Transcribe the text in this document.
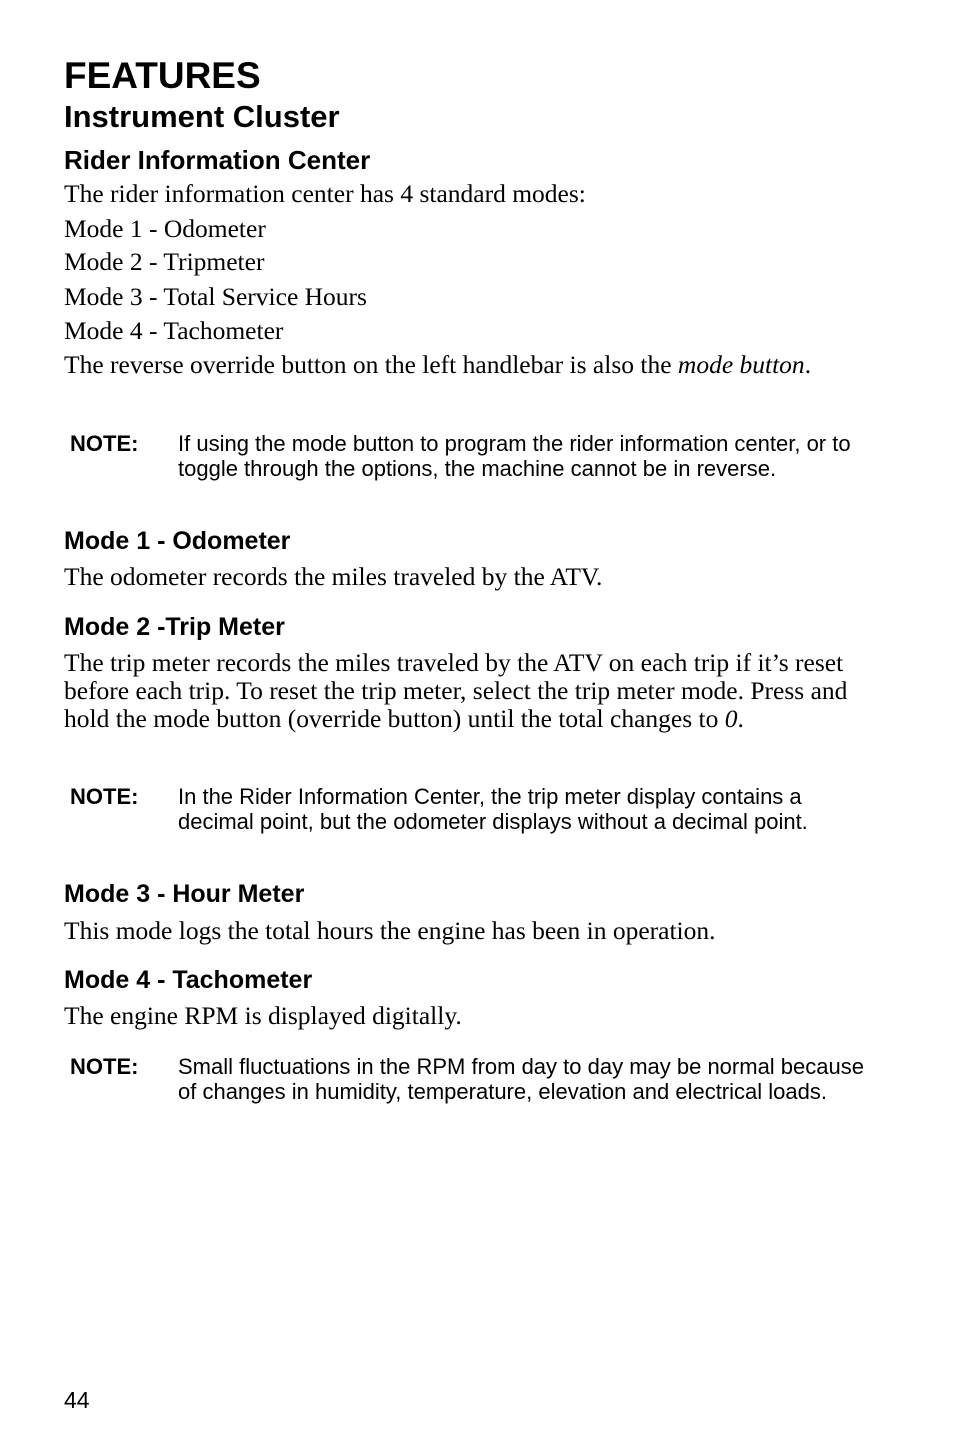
FEATURES
Instrument Cluster
Rider Information Center

The rider information center has 4 standard modes:

Mode 1 - Odometer

Mode 2 - Tripmeter

Mode 3 - Total Service Hours

Mode 4 - Tachometer

The reverse override button on the left handlebar is also the mode button.

NOTE:	If using the mode button to program the rider information center, or to toggle through the options, the machine cannot be in reverse.
Mode 1 - Odometer

The odometer records the miles traveled by the ATV.

Mode 2 -Trip Meter

The trip meter records the miles traveled by the ATV on each trip if it’s reset before each trip. To reset the trip meter, select the trip meter mode. Press and hold the mode button (override button) until the total changes to 0.

NOTE:	In the Rider Information Center, the trip meter display contains a decimal point, but the odometer displays without a decimal point.
Mode 3 - Hour Meter

This mode logs the total hours the engine has been in operation.

Mode 4 - Tachometer

The engine RPM is displayed digitally.

NOTE:	Small fluctuations in the RPM from day to day may be normal because of changes in humidity, temperature, elevation and electrical loads.
44
